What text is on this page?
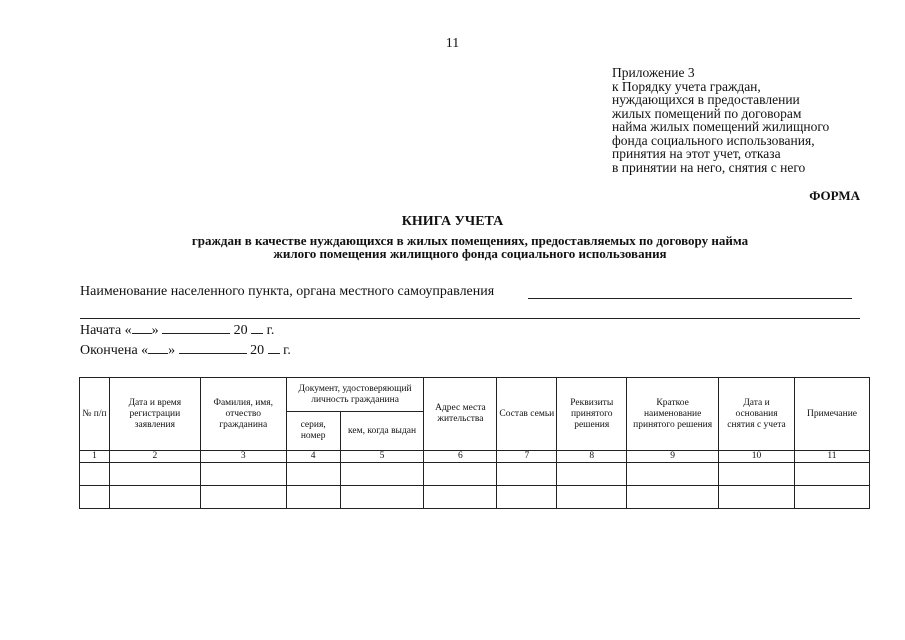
11
Приложение 3
к Порядку учета граждан,
нуждающихся в предоставлении
жилых помещений по договорам
найма жилых помещений жилищного
фонда социального использования,
принятия на этот учет, отказа
в принятии на него, снятия с него
ФОРМА
КНИГА УЧЕТА
граждан в качестве нуждающихся в жилых помещениях, предоставляемых по договору найма
жилого помещения жилищного фонда социального использования
Наименование населенного пункта, органа местного самоуправления
Начата « »	20 г.
Окончена « »	20 г.
№ п/п	Дата и время регистрации заявления	Фамилия, имя, отчество гражданина	Документ, удостоверяющий личность гражданина		Адрес места жительства	Состав семьи	Реквизиты принятого решения	Краткое наименование принятого решения	Дата и основания снятия с учета	Примечание
			серия, номер	кем, когда выдан						
1	2	3	4	5	6	7	8	9	10	11
